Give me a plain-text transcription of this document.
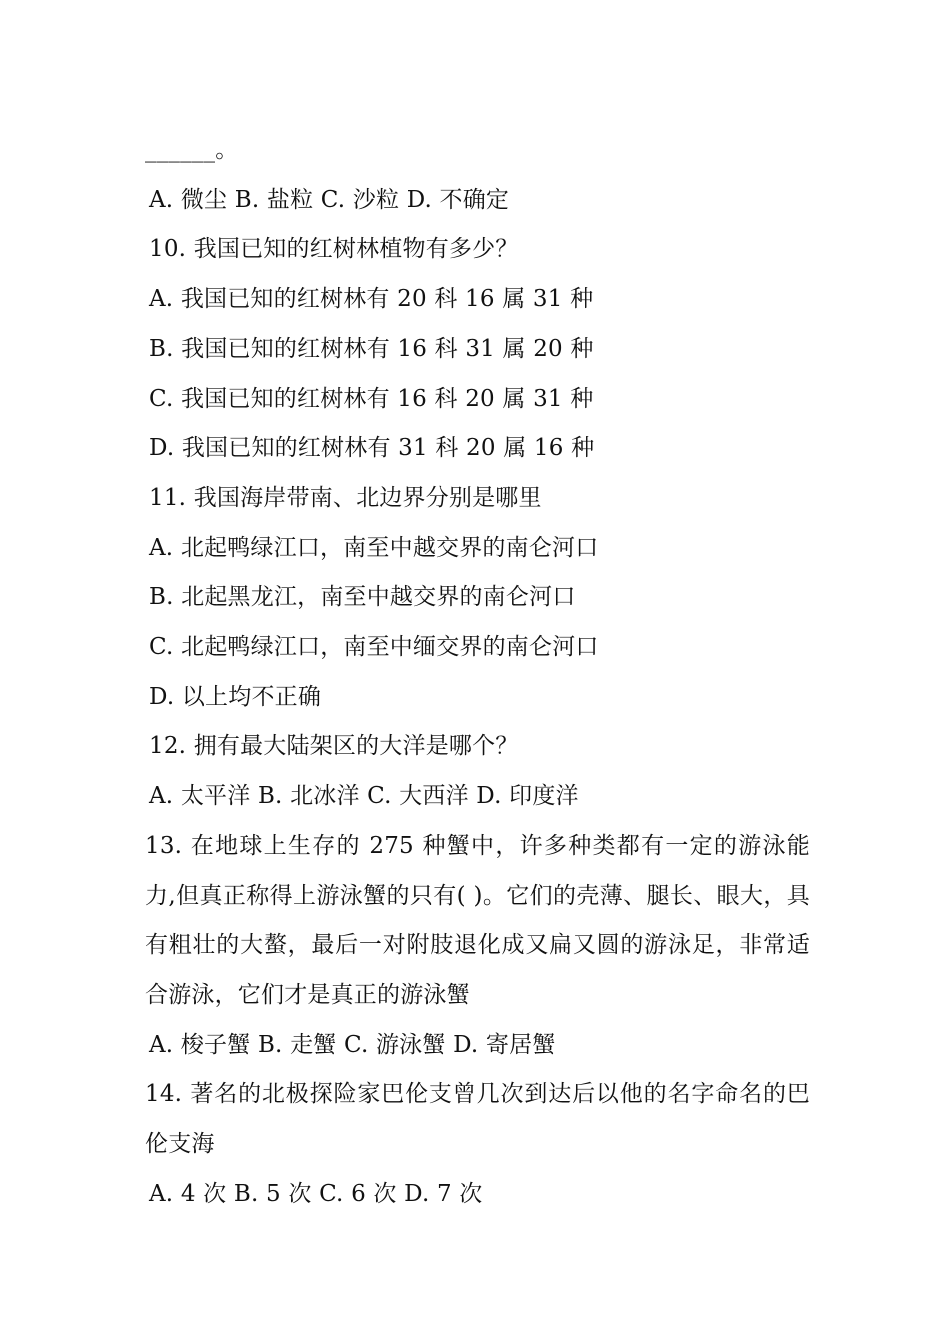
______。
A. 微尘 B. 盐粒 C. 沙粒 D. 不确定
10. 我国已知的红树林植物有多少？
A. 我国已知的红树林有 20 科 16 属 31 种
B. 我国已知的红树林有 16 科 31 属 20 种
C. 我国已知的红树林有 16 科 20 属 31 种
D. 我国已知的红树林有 31 科 20 属 16 种
11. 我国海岸带南、北边界分别是哪里
A. 北起鸭绿江口，南至中越交界的南仑河口
B. 北起黑龙江，南至中越交界的南仑河口
C. 北起鸭绿江口，南至中缅交界的南仑河口
D. 以上均不正确
12. 拥有最大陆架区的大洋是哪个？
A. 太平洋 B. 北冰洋 C. 大西洋 D. 印度洋
13. 在地球上生存的 275 种蟹中，许多种类都有一定的游泳能力,但真正称得上游泳蟹的只有( )。它们的壳薄、腿长、眼大，具有粗壮的大螯，最后一对附肢退化成又扁又圆的游泳足，非常适合游泳，它们才是真正的游泳蟹
A. 梭子蟹 B. 走蟹 C. 游泳蟹 D. 寄居蟹
14. 著名的北极探险家巴伦支曾几次到达后以他的名字命名的巴伦支海
A. 4 次 B. 5 次 C. 6 次 D. 7 次
